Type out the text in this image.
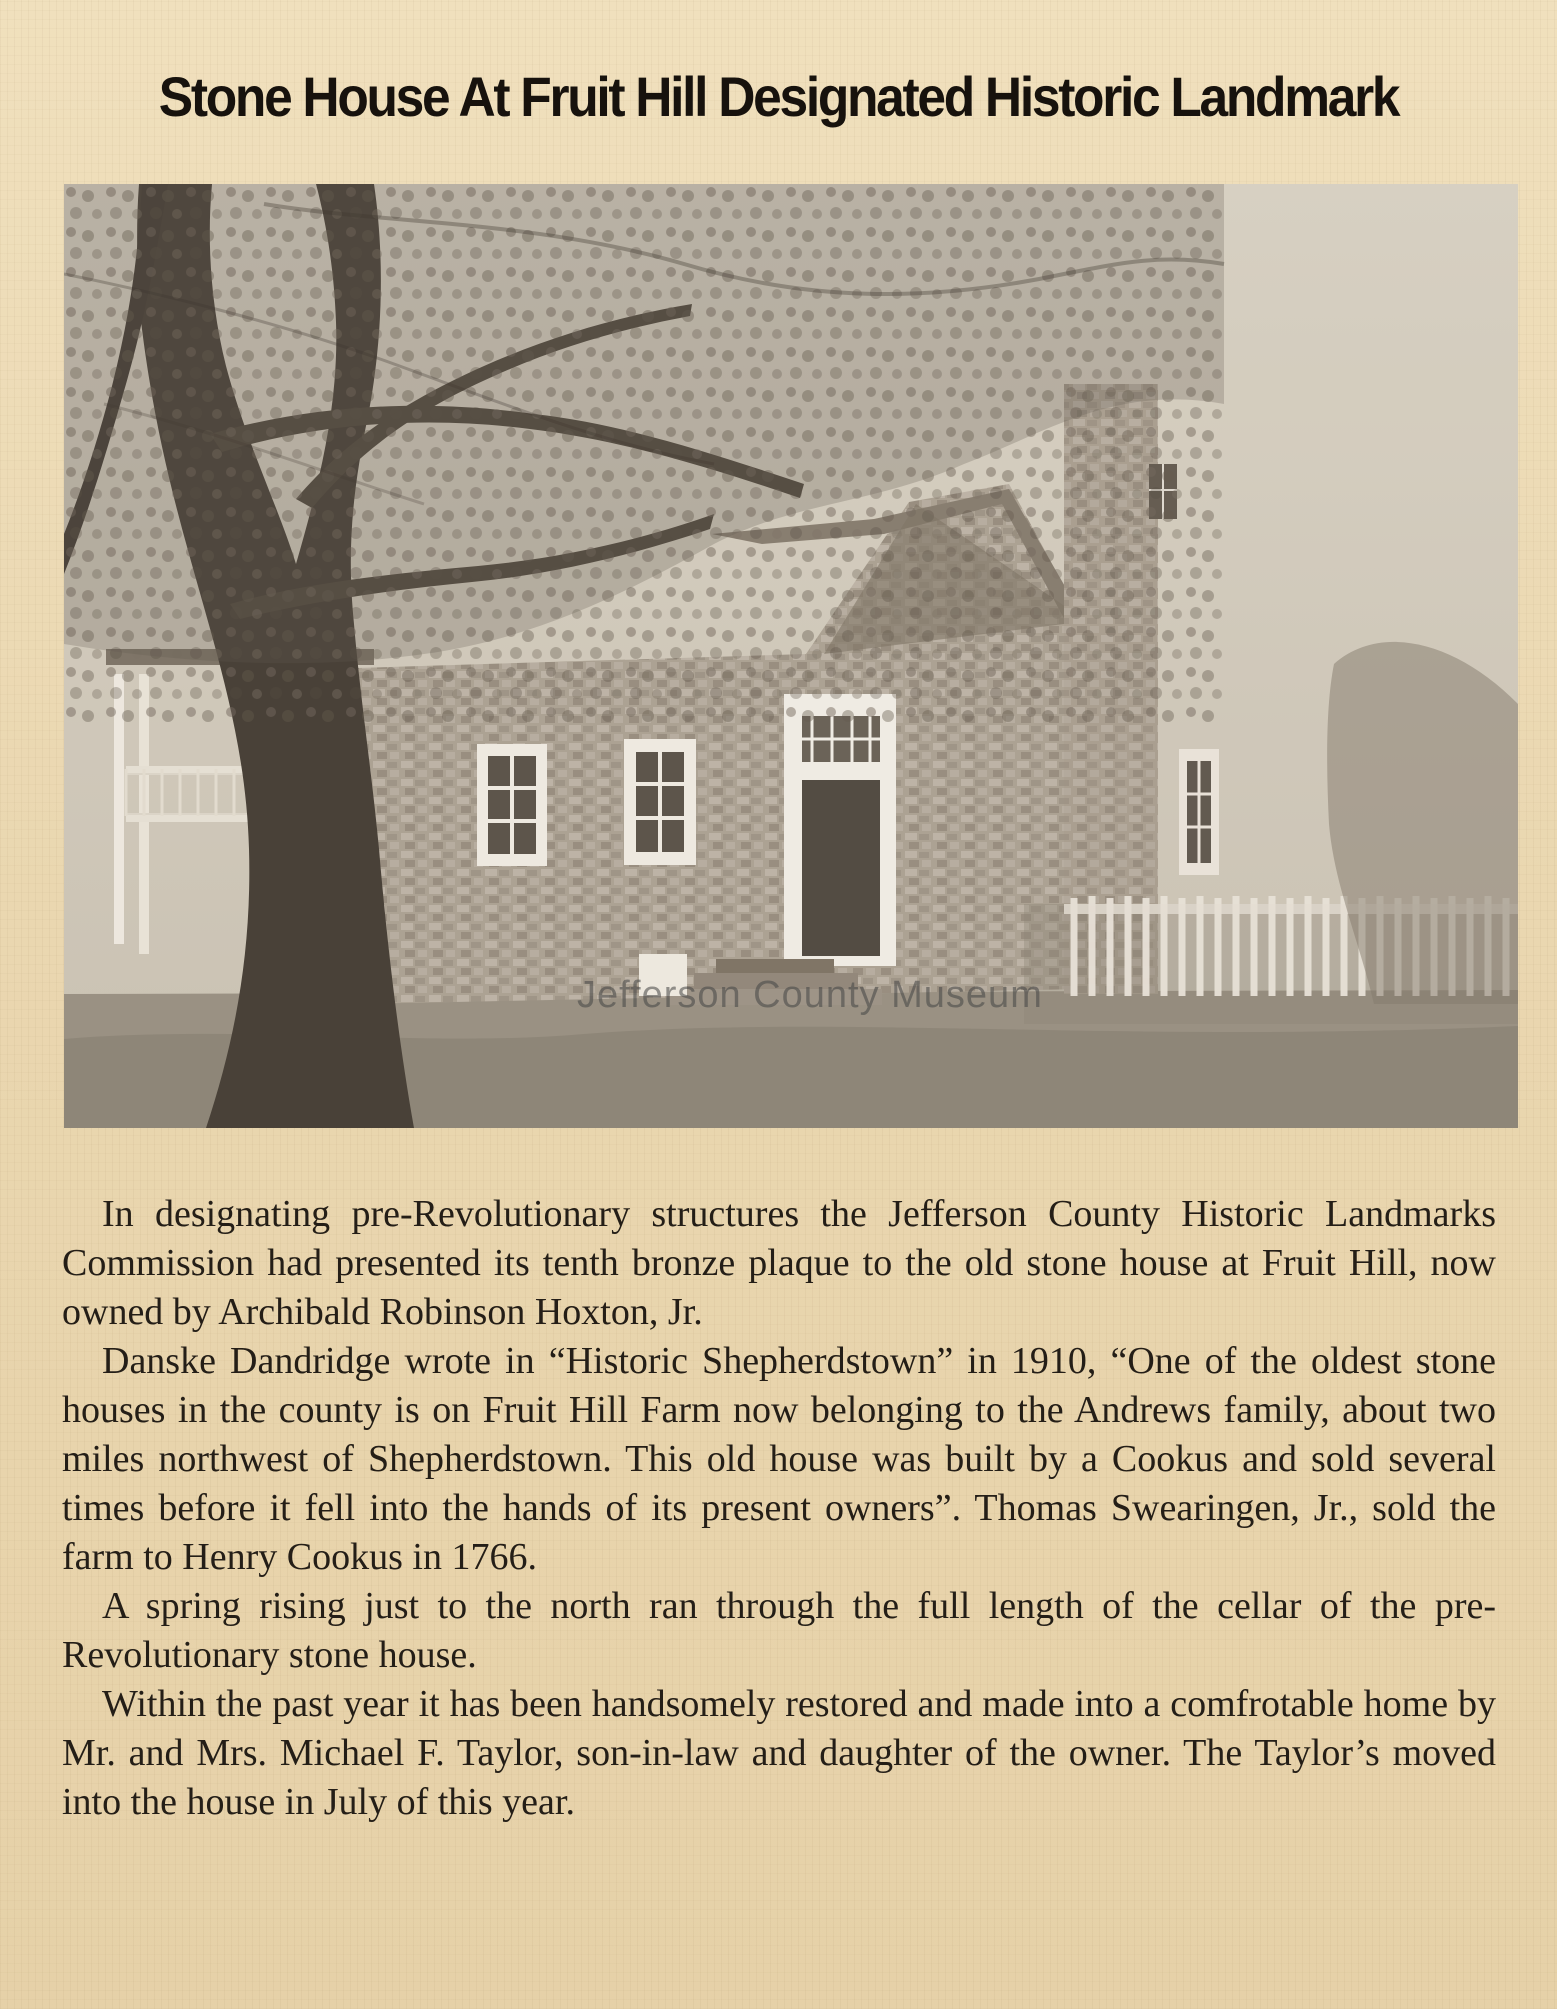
Stone House At Fruit Hill Designated Historic Landmark
Jefferson County Museum

In designating pre-Revolutionary structures the Jefferson County Historic Landmarks Commission had presented its tenth bronze plaque to the old stone house at Fruit Hill, now owned by Archibald Robinson Hoxton, Jr.

Danske Dandridge wrote in “Historic Shepherdstown” in 1910, “One of the oldest stone houses in the county is on Fruit Hill Farm now belonging to the Andrews family, about two miles northwest of Shepherdstown. This old house was built by a Cookus and sold several times before it fell into the hands of its present owners”. Thomas Swearingen, Jr., sold the farm to Henry Cookus in 1766.

A spring rising just to the north ran through the full length of the cellar of the pre-Revolutionary stone house.

Within the past year it has been handsomely restored and made into a comfrotable home by Mr. and Mrs. Michael F. Taylor, son-in-law and daughter of the owner. The Taylor’s moved into the house in July of this year.
